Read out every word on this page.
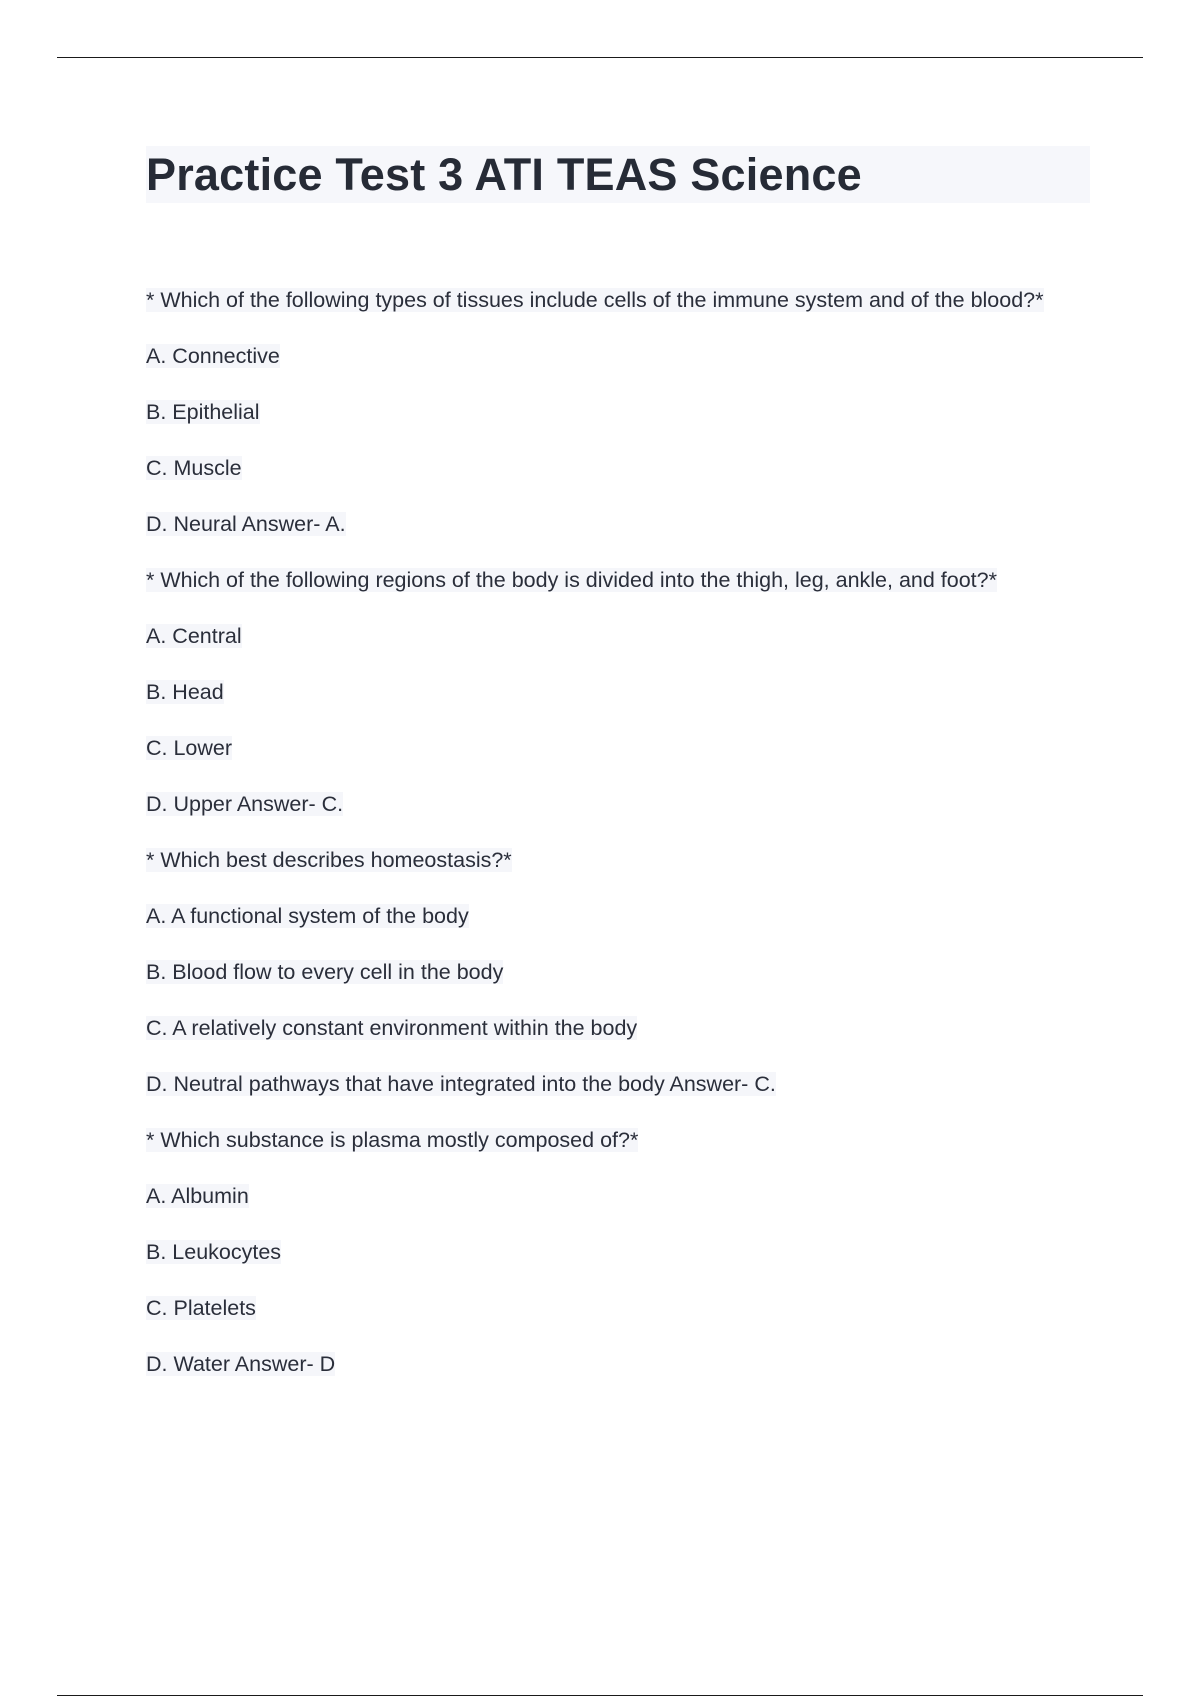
Practice Test 3 ATI TEAS Science

* Which of the following types of tissues include cells of the immune system and of the blood?*

A. Connective

B. Epithelial

C. Muscle

D. Neural Answer- A.

* Which of the following regions of the body is divided into the thigh, leg, ankle, and foot?*

A. Central

B. Head

C. Lower

D. Upper Answer- C.

* Which best describes homeostasis?*

A. A functional system of the body

B. Blood flow to every cell in the body

C. A relatively constant environment within the body

D. Neutral pathways that have integrated into the body Answer- C.

* Which substance is plasma mostly composed of?*

A. Albumin

B. Leukocytes

C. Platelets

D. Water Answer- D
